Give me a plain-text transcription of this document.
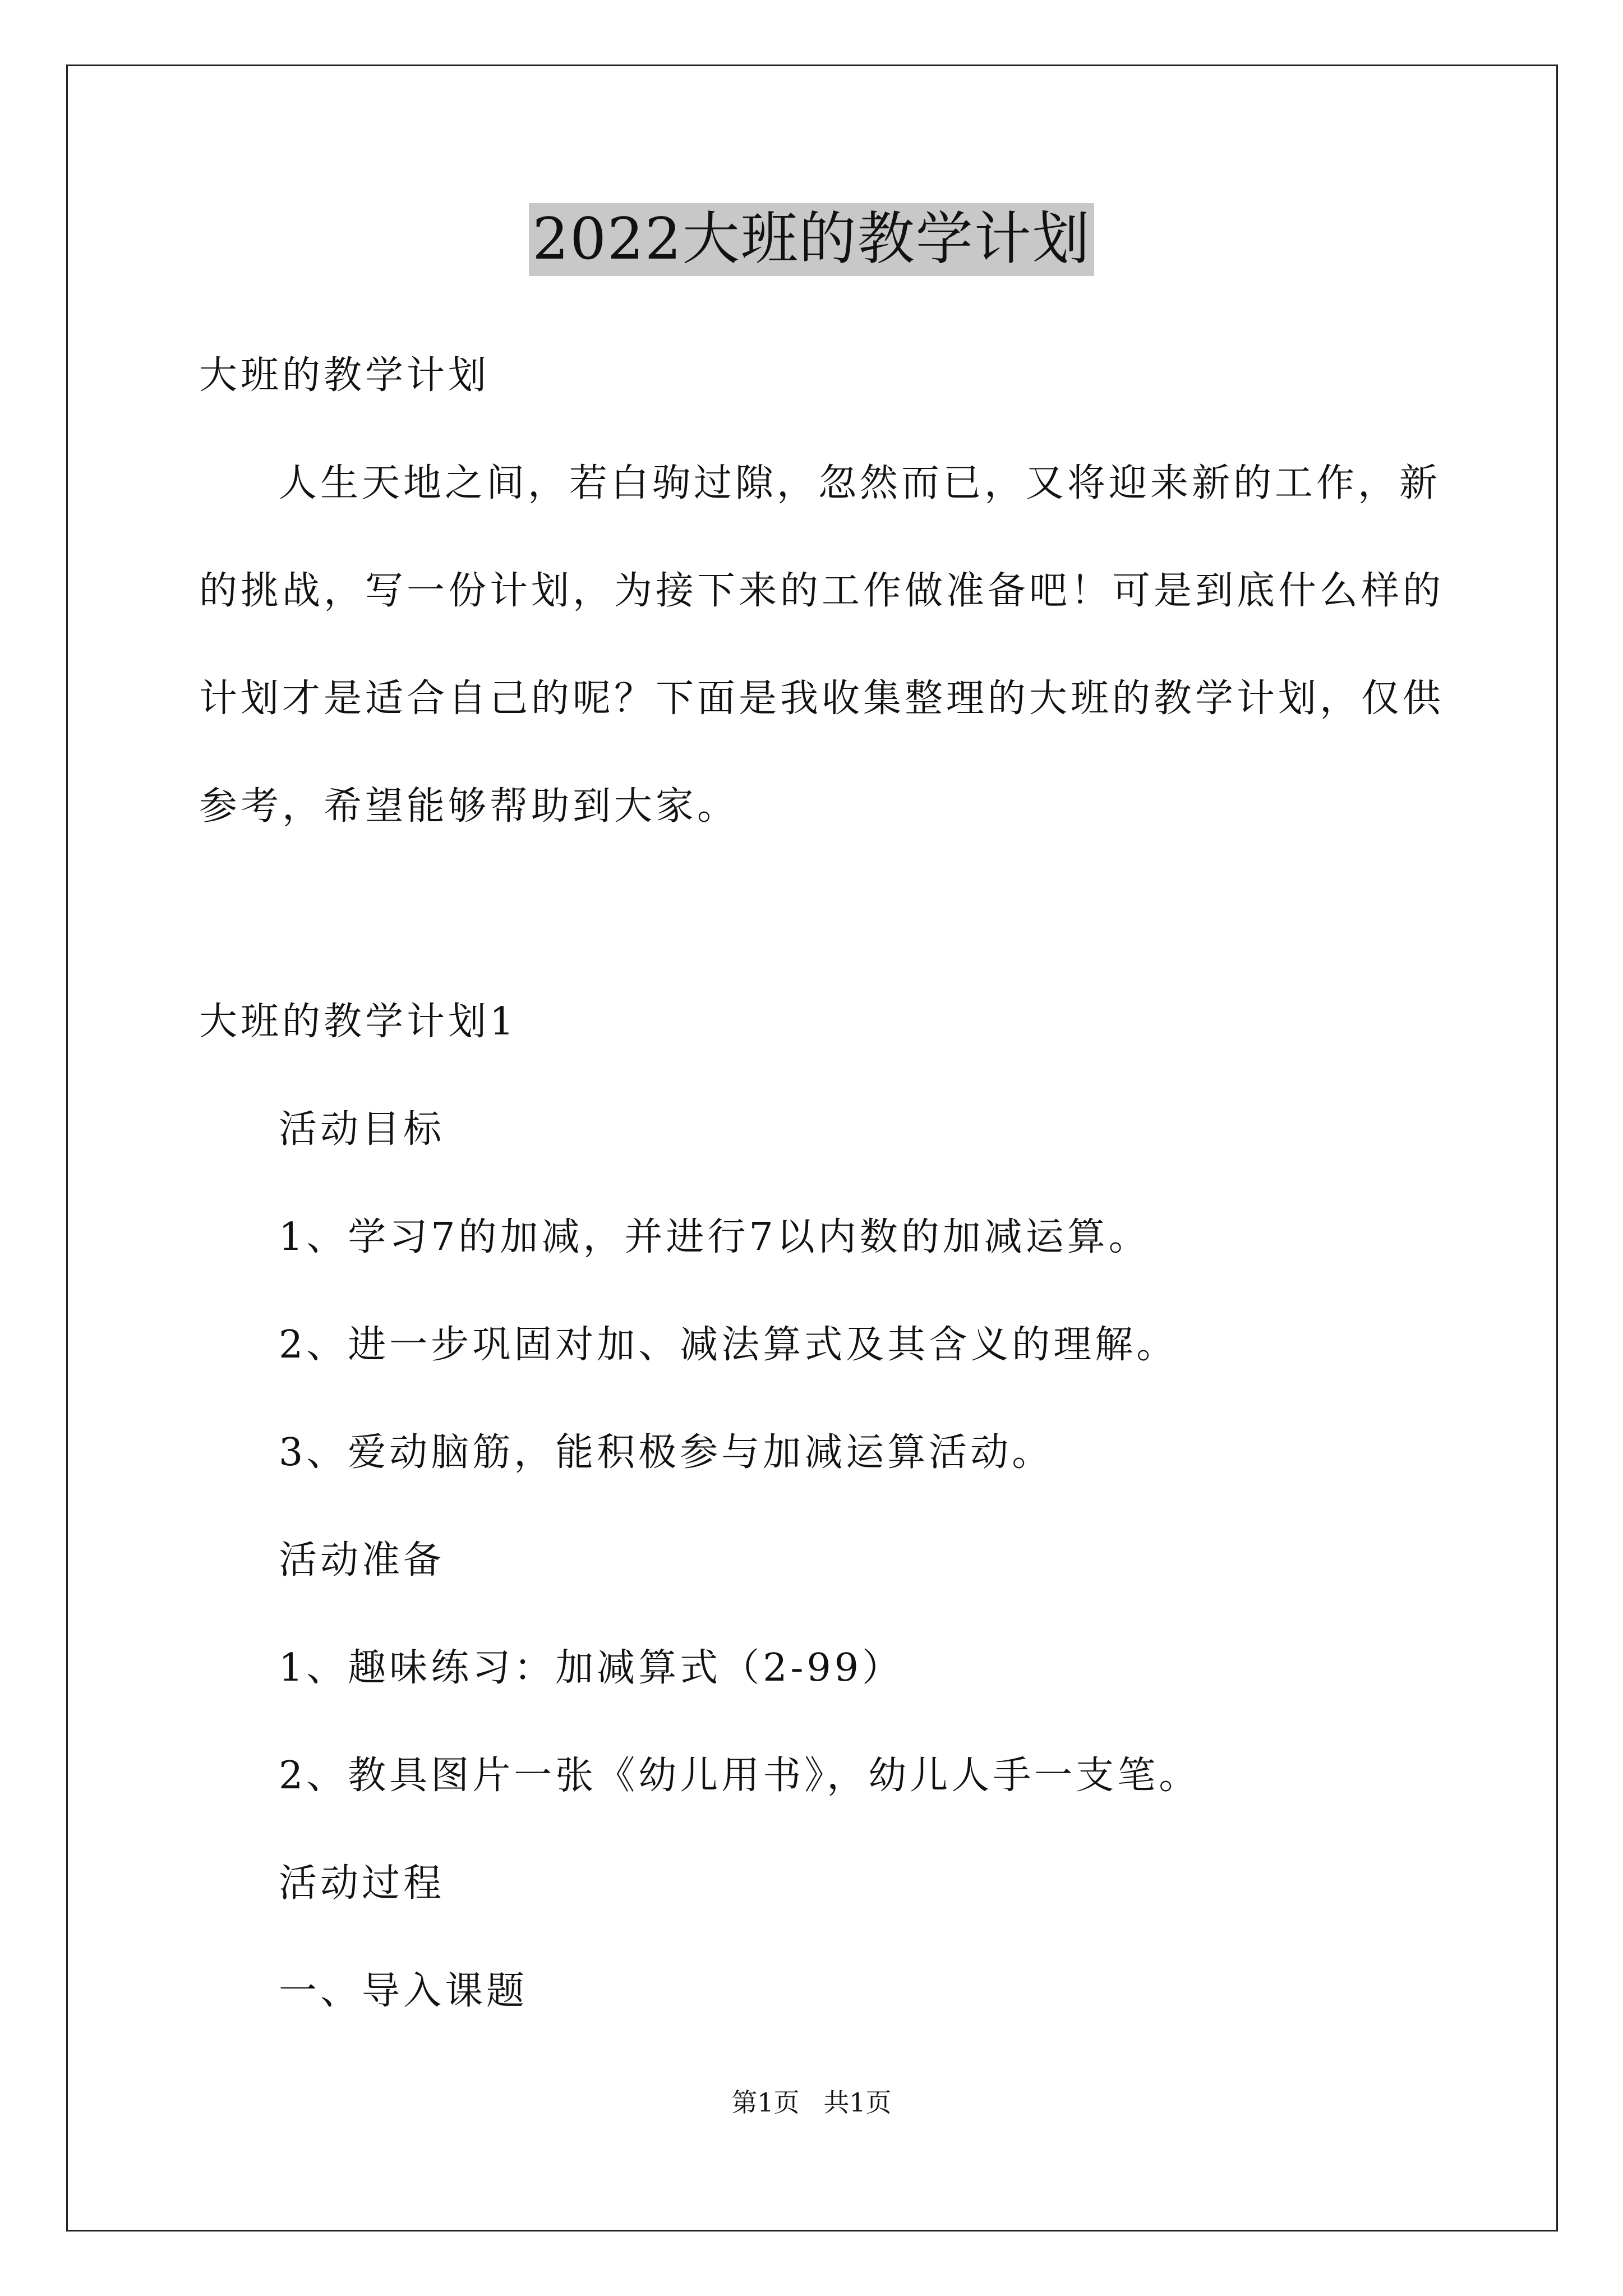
2022大班的教学计划
大班的教学计划
人生天地之间，若白驹过隙，忽然而已，又将迎来新的工作，新
的挑战，写一份计划，为接下来的工作做准备吧！可是到底什么样的
计划才是适合自己的呢？下面是我收集整理的大班的教学计划，仅供
参考，希望能够帮助到大家。
大班的教学计划1
活动目标
1、学习7的加减，并进行7以内数的加减运算。
2、进一步巩固对加、减法算式及其含义的理解。
3、爱动脑筋，能积极参与加减运算活动。
活动准备
1、趣味练习：加减算式（2-99）
2、教具图片一张《幼儿用书》，幼儿人手一支笔。
活动过程
一、导入课题
第1页 共1页
